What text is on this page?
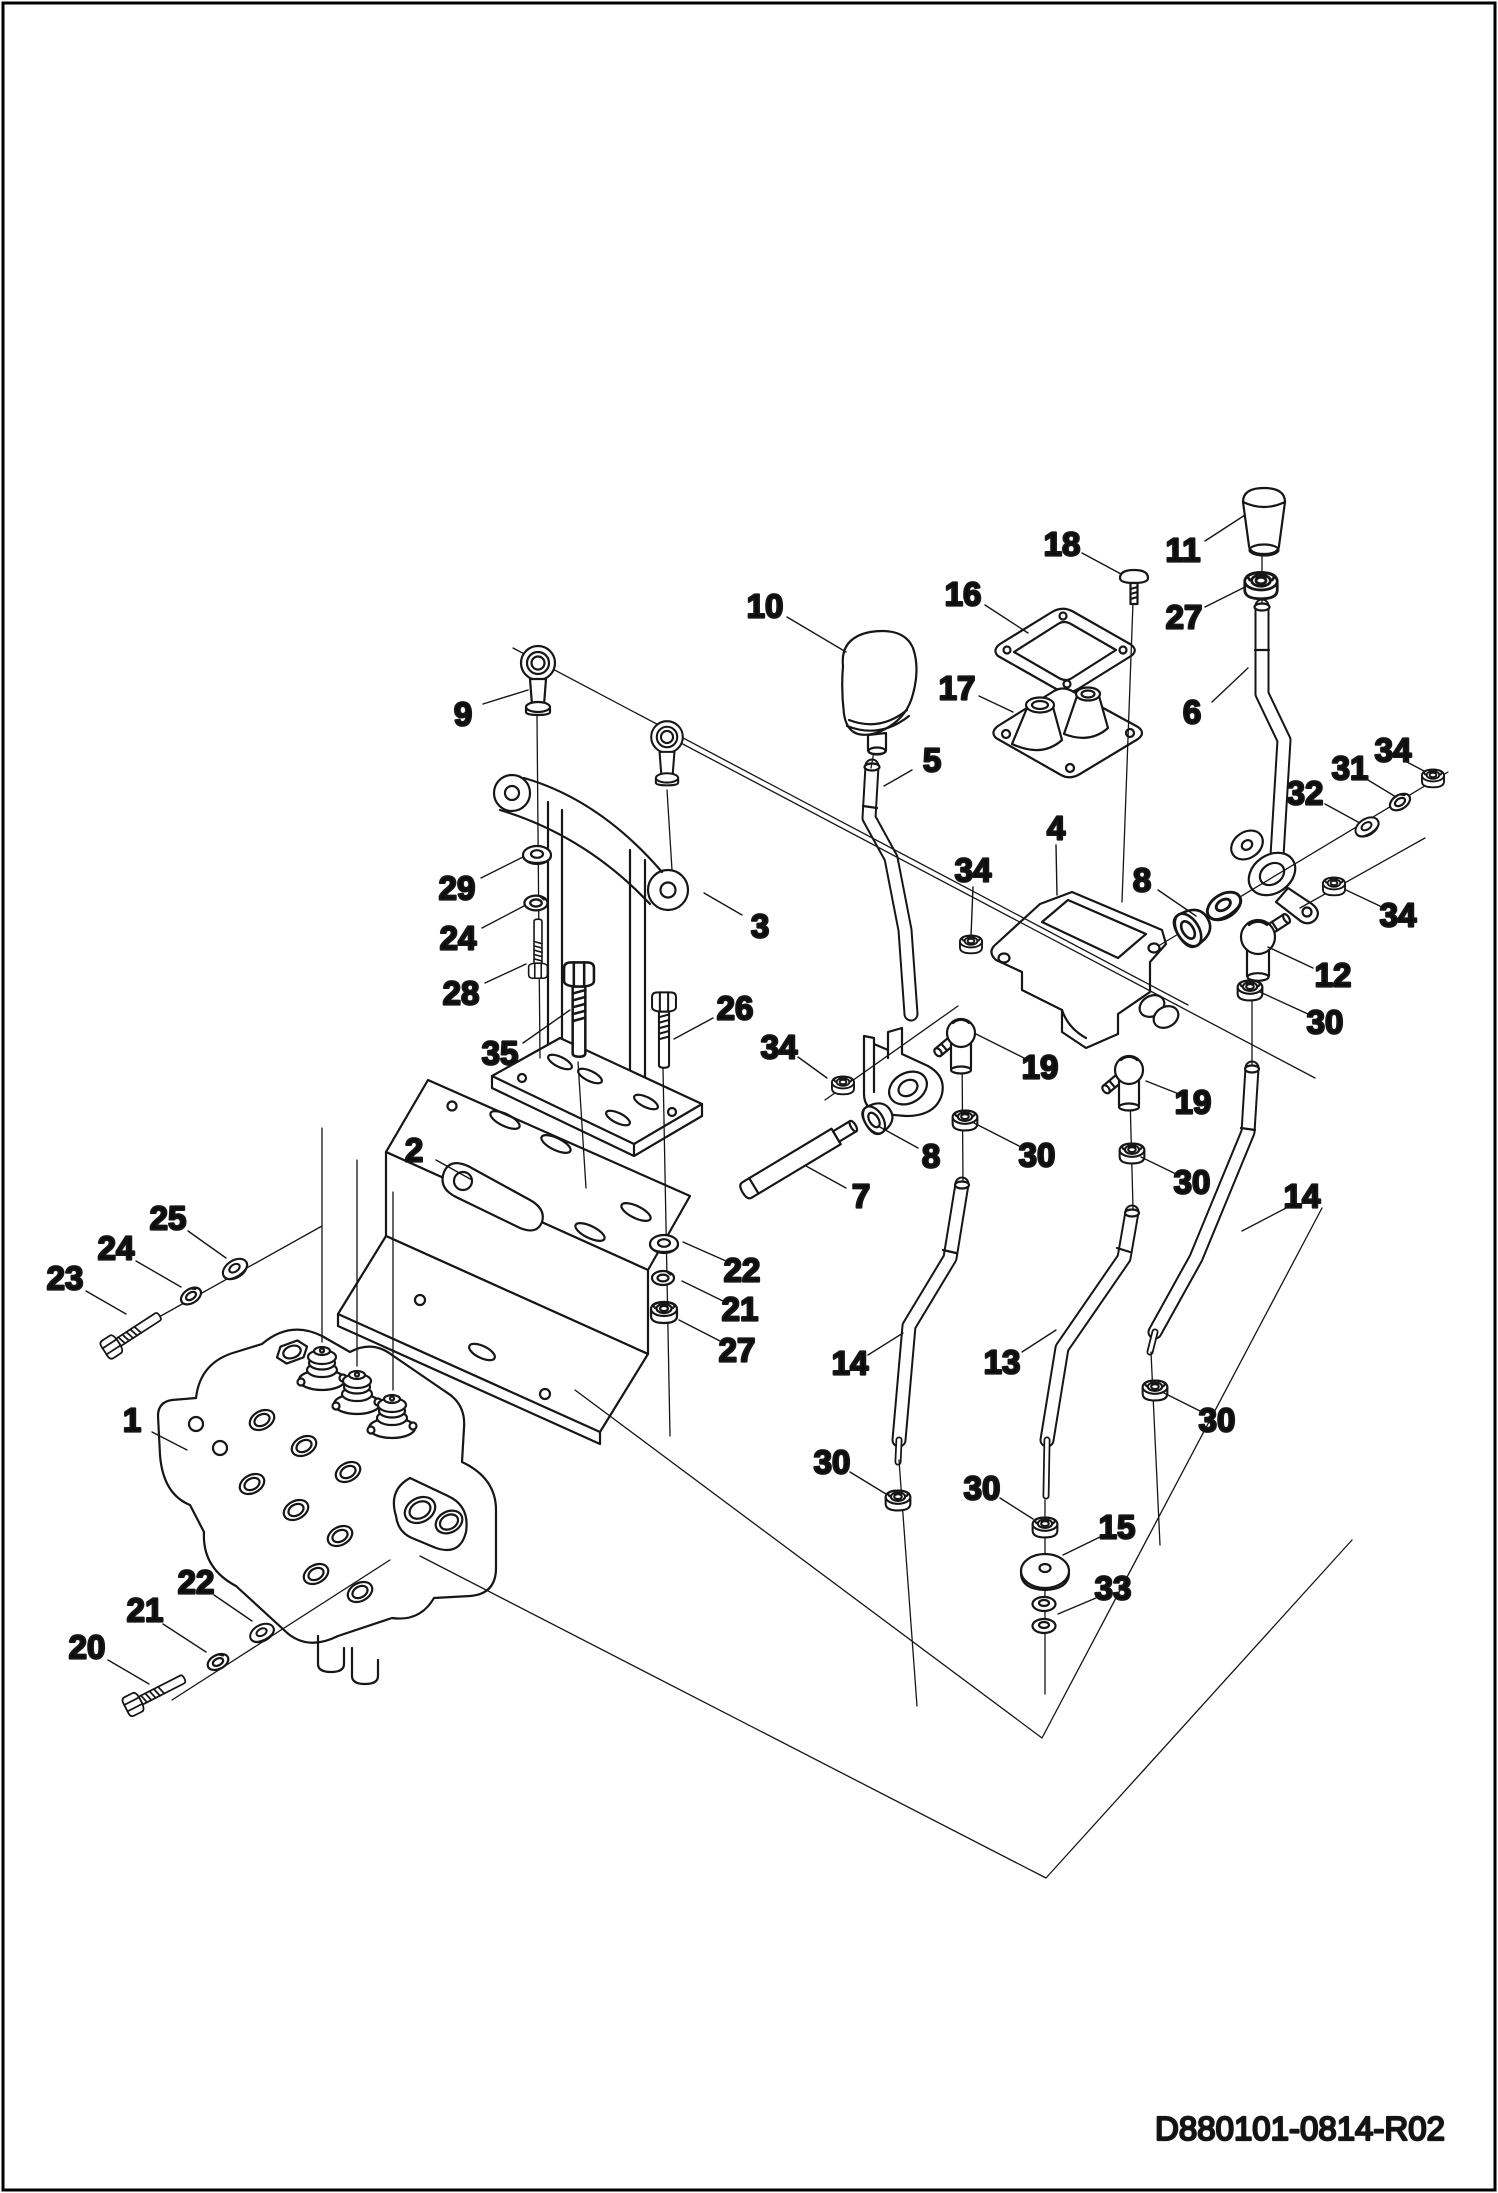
1
2
3
4
5
6
7
8
8
9
10
11
12
13
14
14
15
16
17
18
19
19
20
21
21
22
22
23
24
24
25
26
27
27
28
29
30
30
30
30
30
30
31
32
33
34
34
34
34
35
D880101-0814-R02
